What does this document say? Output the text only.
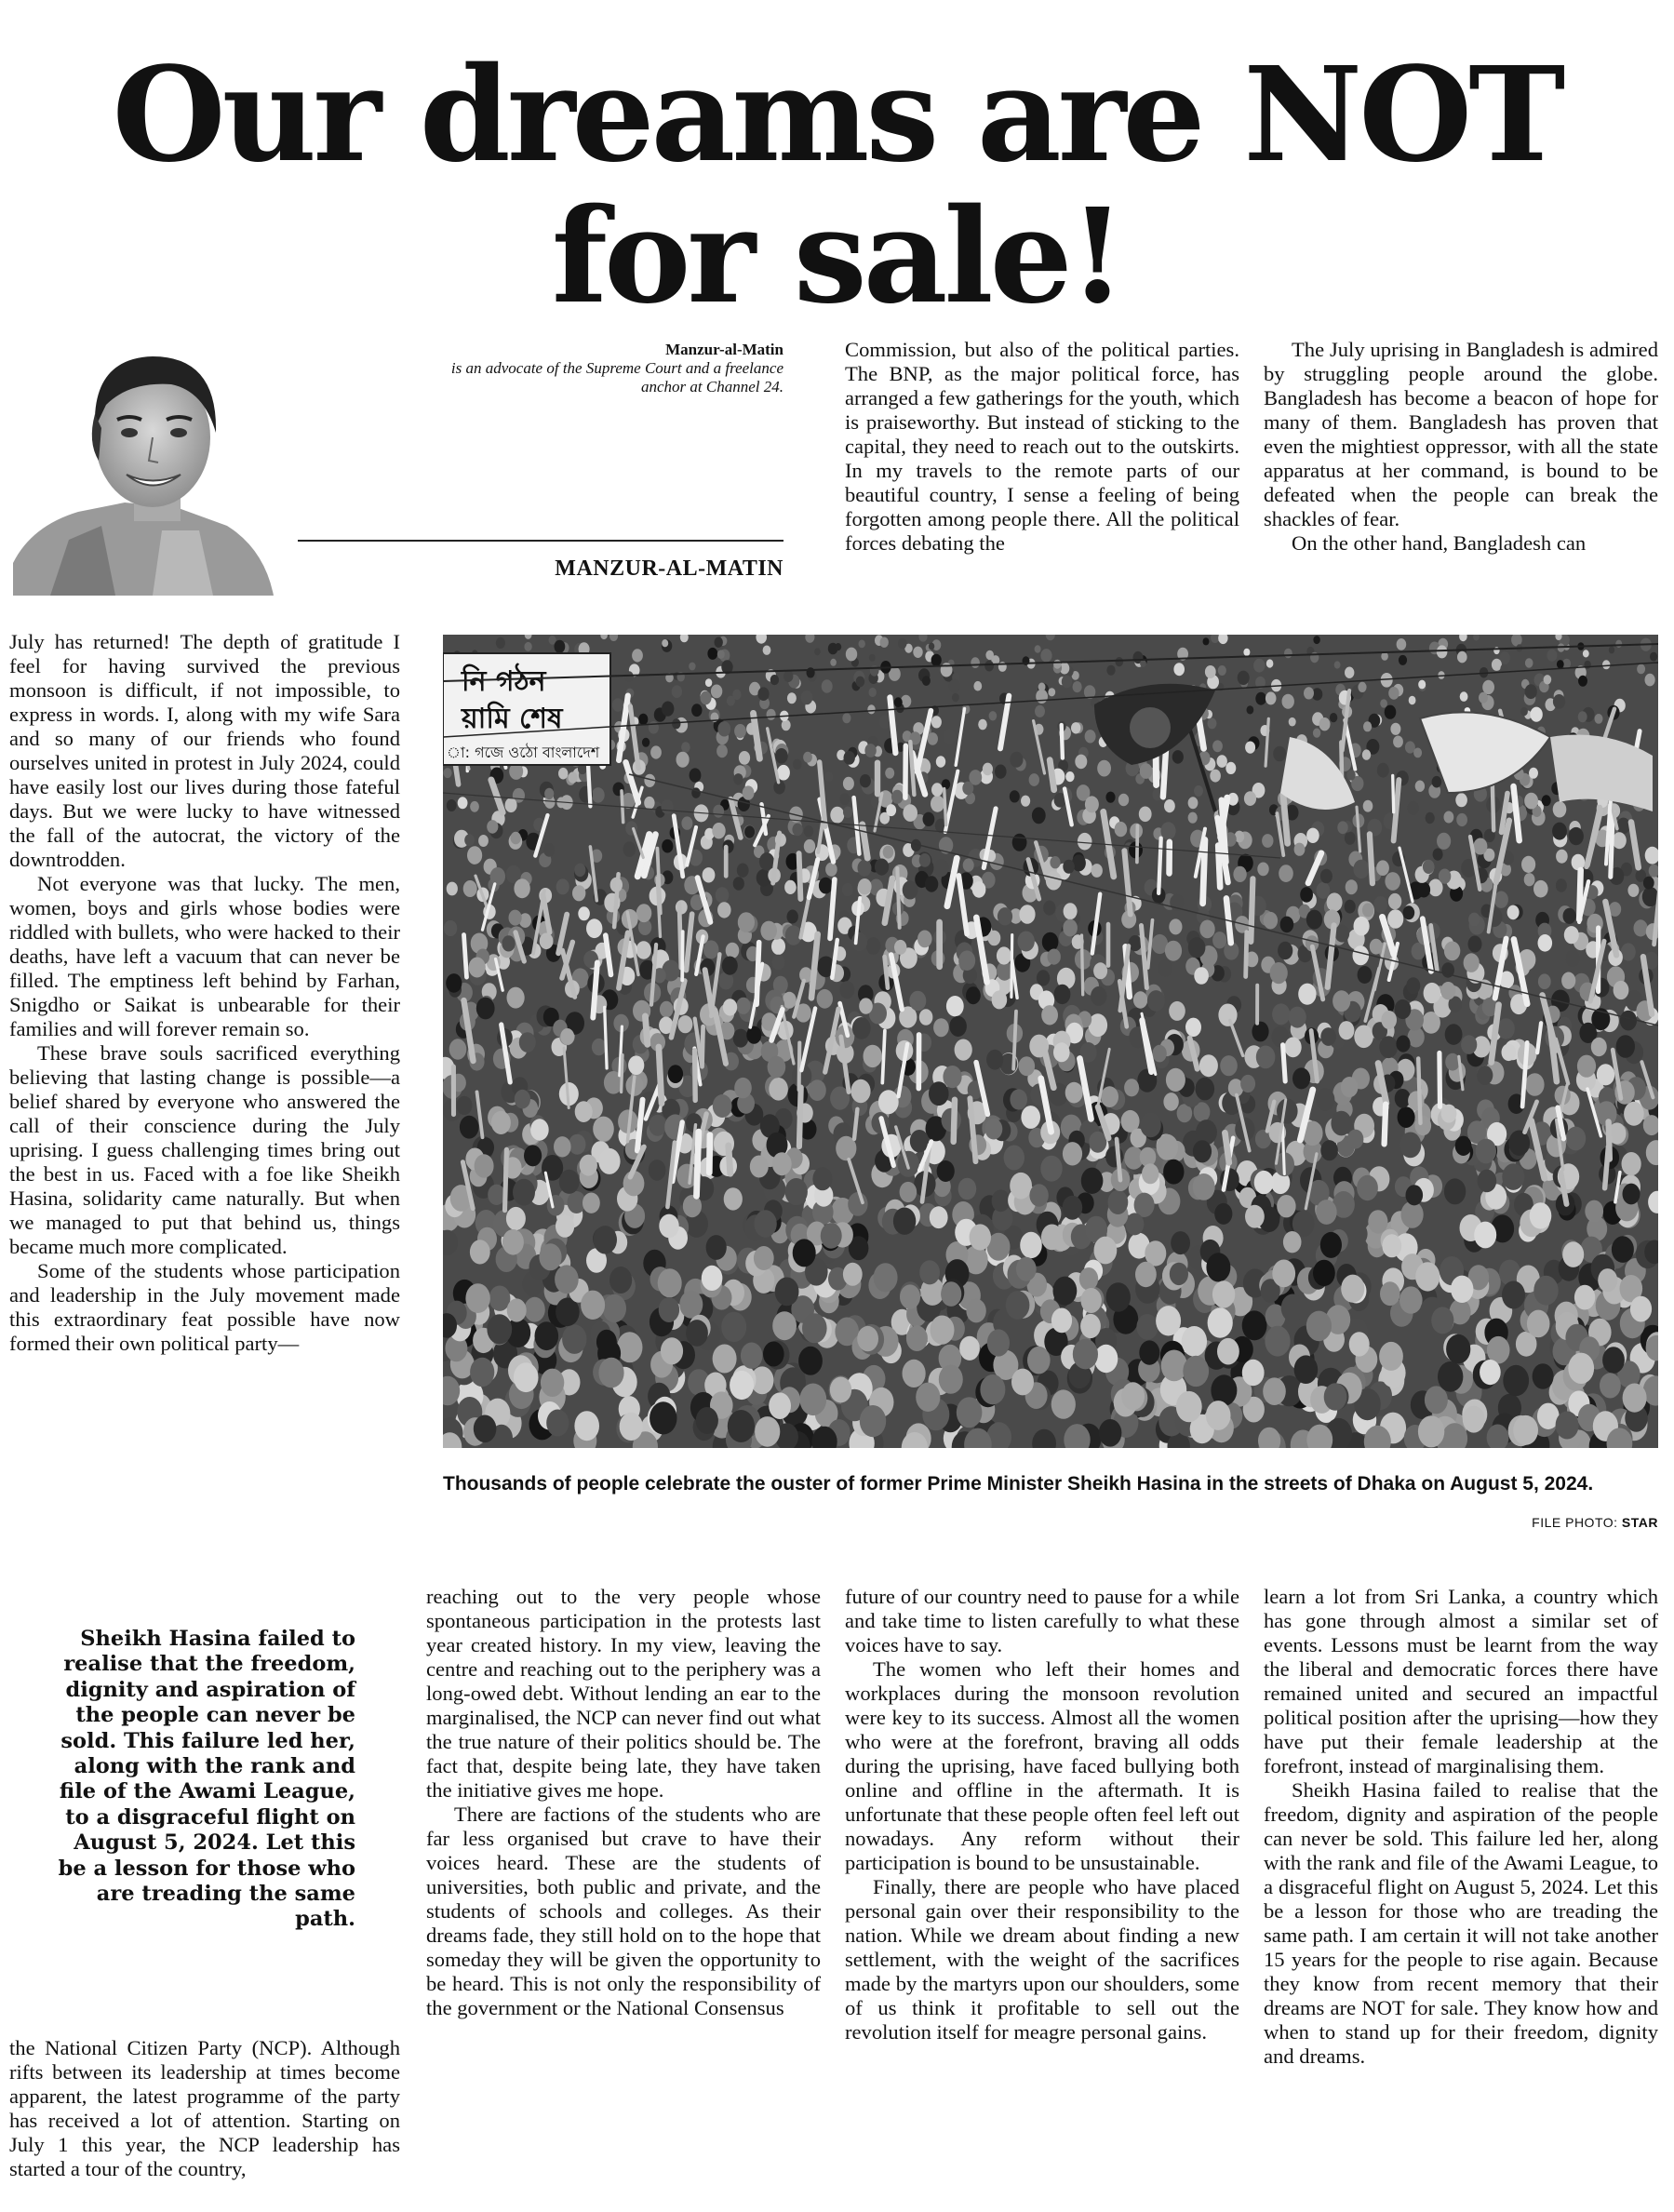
Our dreams are NOT
for sale!
Manzur-al-Matin
is an advocate of the Supreme Court and a freelance anchor at Channel 24.
MANZUR-AL-MATIN

Commission, but also of the political parties. The BNP, as the major political force, has arranged a few gatherings for the youth, which is praiseworthy. But instead of sticking to the capital, they need to reach out to the outskirts. In my travels to the remote parts of our beautiful country, I sense a feeling of being forgotten among people there. All the political forces debating the

The July uprising in Bangladesh is admired by struggling people around the globe. Bangladesh has become a beacon of hope for many of them. Bangladesh has proven that even the mightiest oppressor, with all the state apparatus at her command, is bound to be defeated when the people can break the shackles of fear.

On the other hand, Bangladesh can

July has returned! The depth of gratitude I feel for having survived the previous monsoon is difficult, if not impossible, to express in words. I, along with my wife Sara and so many of our friends who found ourselves united in protest in July 2024, could have easily lost our lives during those fateful days. But we were lucky to have witnessed the fall of the autocrat, the victory of the downtrodden.

Not everyone was that lucky. The men, women, boys and girls whose bodies were riddled with bullets, who were hacked to their deaths, have left a vacuum that can never be filled. The emptiness left behind by Farhan, Snigdho or Saikat is unbearable for their families and will forever remain so.

These brave souls sacrificed everything believing that lasting change is possible—a belief shared by everyone who answered the call of their conscience during the July uprising. I guess challenging times bring out the best in us. Faced with a foe like Sheikh Hasina, solidarity came naturally. But when we managed to put that behind us, things became much more complicated.

Some of the students whose participation and leadership in the July movement made this extraordinary feat possible have now formed their own political party—

নি গঠন
য়ামি শেষ
া: গজে ওঠো বাংলাদেশ
Thousands of people celebrate the ouster of former Prime Minister Sheikh Hasina in the streets of Dhaka on August 5, 2024.
FILE PHOTO: STAR
Sheikh Hasina failed to realise that the freedom, dignity and aspiration of the people can never be sold. This failure led her, along with the rank and file of the Awami League, to a disgraceful flight on August 5, 2024. Let this be a lesson for those who are treading the same path.

the National Citizen Party (NCP). Although rifts between its leadership at times become apparent, the latest programme of the party has received a lot of attention. Starting on July 1 this year, the NCP leadership has started a tour of the country,

reaching out to the very people whose spontaneous participation in the protests last year created history. In my view, leaving the centre and reaching out to the periphery was a long-owed debt. Without lending an ear to the marginalised, the NCP can never find out what the true nature of their politics should be. The fact that, despite being late, they have taken the initiative gives me hope.

There are factions of the students who are far less organised but crave to have their voices heard. These are the students of universities, both public and private, and the students of schools and colleges. As their dreams fade, they still hold on to the hope that someday they will be given the opportunity to be heard. This is not only the responsibility of the government or the National Consensus

future of our country need to pause for a while and take time to listen carefully to what these voices have to say.

The women who left their homes and workplaces during the monsoon revolution were key to its success. Almost all the women who were at the forefront, braving all odds during the uprising, have faced bullying both online and offline in the aftermath. It is unfortunate that these people often feel left out nowadays. Any reform without their participation is bound to be unsustainable.

Finally, there are people who have placed personal gain over their responsibility to the nation. While we dream about finding a new settlement, with the weight of the sacrifices made by the martyrs upon our shoulders, some of us think it profitable to sell out the revolution itself for meagre personal gains.

learn a lot from Sri Lanka, a country which has gone through almost a similar set of events. Lessons must be learnt from the way the liberal and democratic forces there have remained united and secured an impactful political position after the uprising—how they have put their female leadership at the forefront, instead of marginalising them.

Sheikh Hasina failed to realise that the freedom, dignity and aspiration of the people can never be sold. This failure led her, along with the rank and file of the Awami League, to a disgraceful flight on August 5, 2024. Let this be a lesson for those who are treading the same path. I am certain it will not take another 15 years for the people to rise again. Because they know from recent memory that their dreams are NOT for sale. They know how and when to stand up for their freedom, dignity and dreams.
